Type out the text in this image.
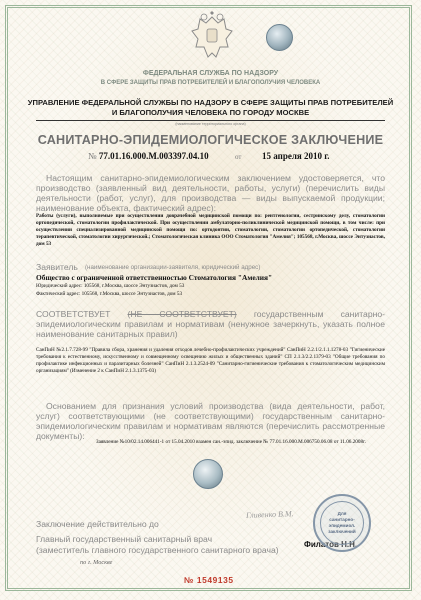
ФЕДЕРАЛЬНАЯ СЛУЖБА ПО НАДЗОРУ
В СФЕРЕ ЗАЩИТЫ ПРАВ ПОТРЕБИТЕЛЕЙ И БЛАГОПОЛУЧИЯ ЧЕЛОВЕКА
УПРАВЛЕНИЕ ФЕДЕРАЛЬНОЙ СЛУЖБЫ ПО НАДЗОРУ В СФЕРЕ ЗАЩИТЫ ПРАВ ПОТРЕБИТЕЛЕЙ
И БЛАГОПОЛУЧИЯ ЧЕЛОВЕКА ПО ГОРОДУ МОСКВЕ
(наименование территориального органа)
САНИТАРНО-ЭПИДЕМИОЛОГИЧЕСКОЕ ЗАКЛЮЧЕНИЕ
№ 77.01.16.000.М.003397.04.10	от 15 апреля 2010 г.
Настоящим санитарно-эпидемиологическим заключением удостоверяется, что производство (заявленный вид деятельности, работы, услуги) (перечислить виды деятельности (работ, услуг), для производства — виды выпускаемой продукции; наименование объекта, фактический адрес):
Работы (услуги), выполняемые при осуществлении доврачебной медицинской помощи по: рентгенологии, сестринскому делу, стоматологии ортопедической, стоматологии профилактической. При осуществлении амбулаторно-поликлинической медицинской помощи, в том числе: при осуществлении специализированной медицинской помощи по: ортодонтии, стоматологии, стоматологии ортопедической, стоматологии терапевтической, стоматологии хирургической.; Стоматологическая клиника ООО Стоматология "Амелия"; 105568, г.Москва, шоссе Энтузиастов, дом 53
Заявитель (наименование организации-заявителя, юридический адрес)
Общество с ограниченной ответственностью Стоматология "Амелия"
Юридический адрес: 105568, г.Москва, шоссе Энтузиастов, дом 53
Фактический адрес: 105568, г.Москва, шоссе Энтузиастов, дом 53
СООТВЕТСТВУЕТ (НЕ СООТВЕТСТВУЕТ) государственным санитарно-эпидемиологическим правилам и нормативам (ненужное зачеркнуть, указать полное наименование санитарных правил)
СанПиН №2.1.7.728-99 "Правила сбора, хранения и удаления отходов лечебно-профилактических учреждений" СанПиН 2.2.1/2.1.1.1278-03 "Гигиенические требования к естественному, искусственному и совмещенному освещению жилых и общественных зданий" СП 2.1.3/2.2.1379-03 "Общие требования по профилактике инфекционных и паразитарных болезней" СанПиН 2.1.3.2524-09 "Санитарно-гигиенические требования к стоматологическим медицинским организациям" (Изменение 2 к СанПиН 2.1.3.1375-03)
Основанием для признания условий производства (вида деятельности, работ, услуг) соответствующими (не соответствующими) государственным санитарно-эпидемиологическим правилам и нормативам являются (перечислить рассмотренные документы):
Заявление №10/02.14.006441-1 от 15.04.2010 взамен сан.-эпид. заключение № 77.01.16.000.М.006750.06.08 от 11.06.2008г.
Заключение действительно до
Гливенко В.М.
Главный государственный санитарный врач
(заместитель главного государственного санитарного врача)
по г. Москве
Филатов Н.Н.
Для
санитарно-
эпидемиол.
заключений
№ 1549135
